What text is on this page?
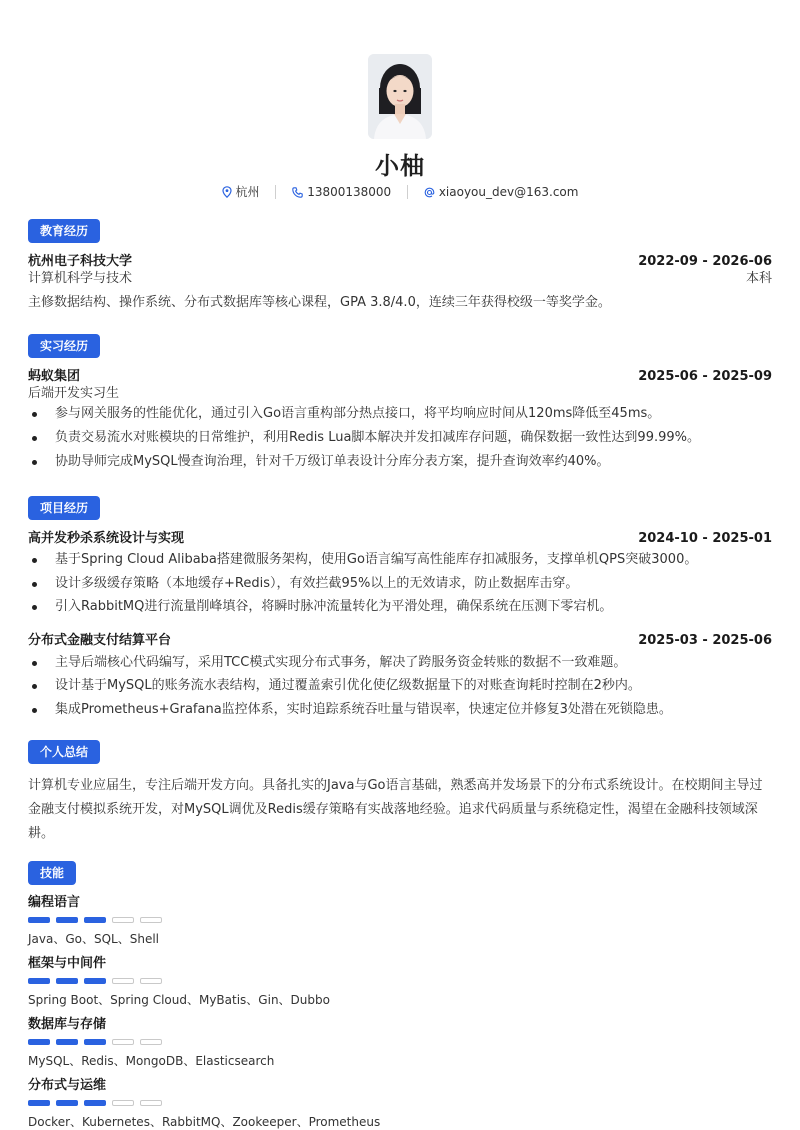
小柚
杭州	13800138000	xiaoyou_dev@163.com
教育经历
杭州电子科技大学	2022-09 - 2026-06
计算机科学与技术	本科
主修数据结构、操作系统、分布式数据库等核心课程，GPA 3.8/4.0，连续三年获得校级一等奖学金。
实习经历
蚂蚁集团	2025-06 - 2025-09
后端开发实习生
参与网关服务的性能优化，通过引入Go语言重构部分热点接口，将平均响应时间从120ms降低至45ms。
负责交易流水对账模块的日常维护，利用Redis Lua脚本解决并发扣减库存问题，确保数据一致性达到99.99%。
协助导师完成MySQL慢查询治理，针对千万级订单表设计分库分表方案，提升查询效率约40%。
项目经历
高并发秒杀系统设计与实现	2024-10 - 2025-01
基于Spring Cloud Alibaba搭建微服务架构，使用Go语言编写高性能库存扣减服务，支撑单机QPS突破3000。
设计多级缓存策略（本地缓存+Redis），有效拦截95%以上的无效请求，防止数据库击穿。
引入RabbitMQ进行流量削峰填谷，将瞬时脉冲流量转化为平滑处理，确保系统在压测下零宕机。
分布式金融支付结算平台	2025-03 - 2025-06
主导后端核心代码编写，采用TCC模式实现分布式事务，解决了跨服务资金转账的数据不一致难题。
设计基于MySQL的账务流水表结构，通过覆盖索引优化使亿级数据量下的对账查询耗时控制在2秒内。
集成Prometheus+Grafana监控体系，实时追踪系统吞吐量与错误率，快速定位并修复3处潜在死锁隐患。
个人总结
计算机专业应届生，专注后端开发方向。具备扎实的Java与Go语言基础，熟悉高并发场景下的分布式系统设计。在校期间主导过
金融支付模拟系统开发，对MySQL调优及Redis缓存策略有实战落地经验。追求代码质量与系统稳定性，渴望在金融科技领域深
耕。
技能
编程语言
Java、Go、SQL、Shell
框架与中间件
Spring Boot、Spring Cloud、MyBatis、Gin、Dubbo
数据库与存储
MySQL、Redis、MongoDB、Elasticsearch
分布式与运维
Docker、Kubernetes、RabbitMQ、Zookeeper、Prometheus
